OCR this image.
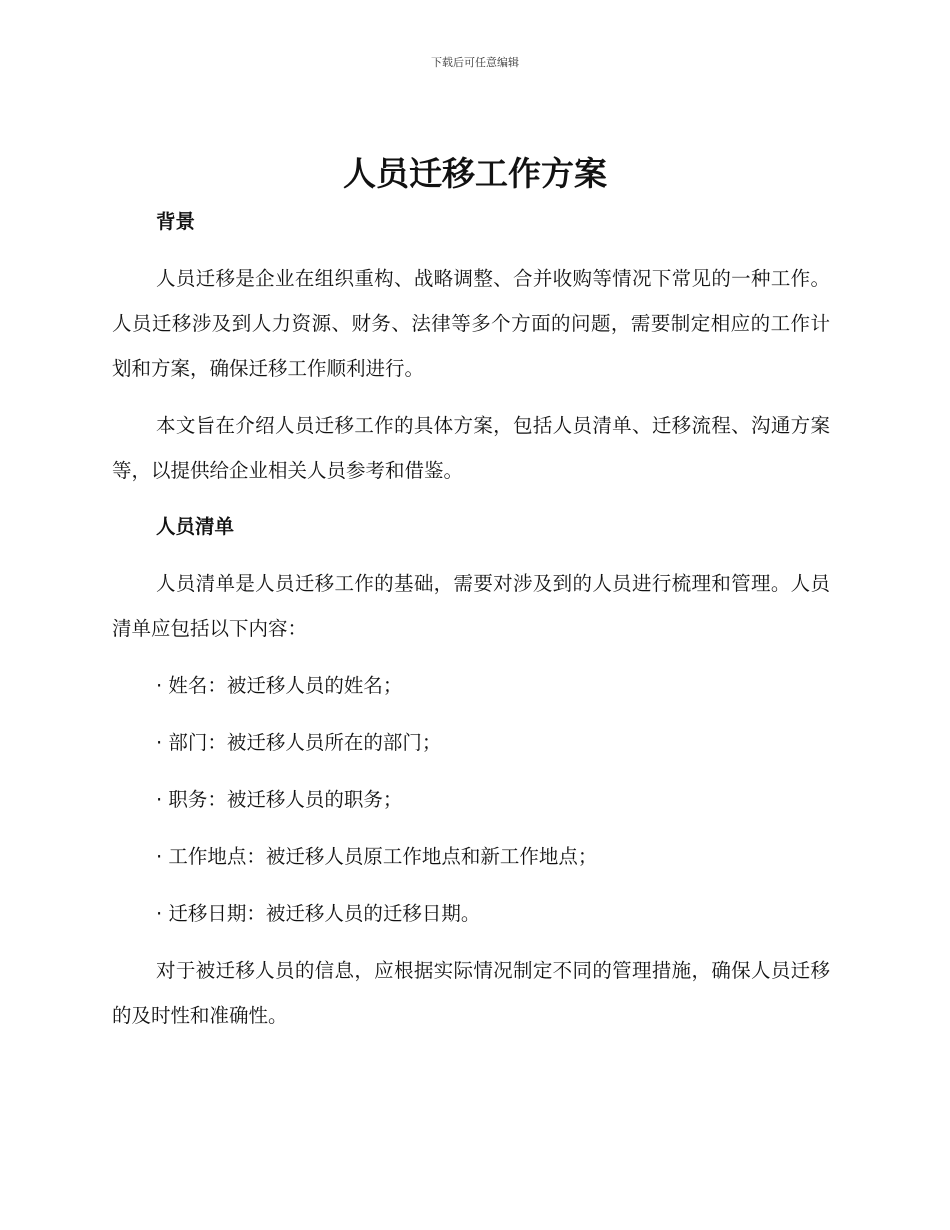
下载后可任意编辑
人员迁移工作方案
背景

人员迁移是企业在组织重构、战略调整、合并收购等情况下常见的一种工作。人员迁移涉及到人力资源、财务、法律等多个方面的问题，需要制定相应的工作计划和方案，确保迁移工作顺利进行。

本文旨在介绍人员迁移工作的具体方案，包括人员清单、迁移流程、沟通方案等，以提供给企业相关人员参考和借鉴。

人员清单

人员清单是人员迁移工作的基础，需要对涉及到的人员进行梳理和管理。人员清单应包括以下内容：

· 姓名：被迁移人员的姓名；

· 部门：被迁移人员所在的部门；

· 职务：被迁移人员的职务；

· 工作地点：被迁移人员原工作地点和新工作地点；

· 迁移日期：被迁移人员的迁移日期。

对于被迁移人员的信息，应根据实际情况制定不同的管理措施，确保人员迁移的及时性和准确性。
